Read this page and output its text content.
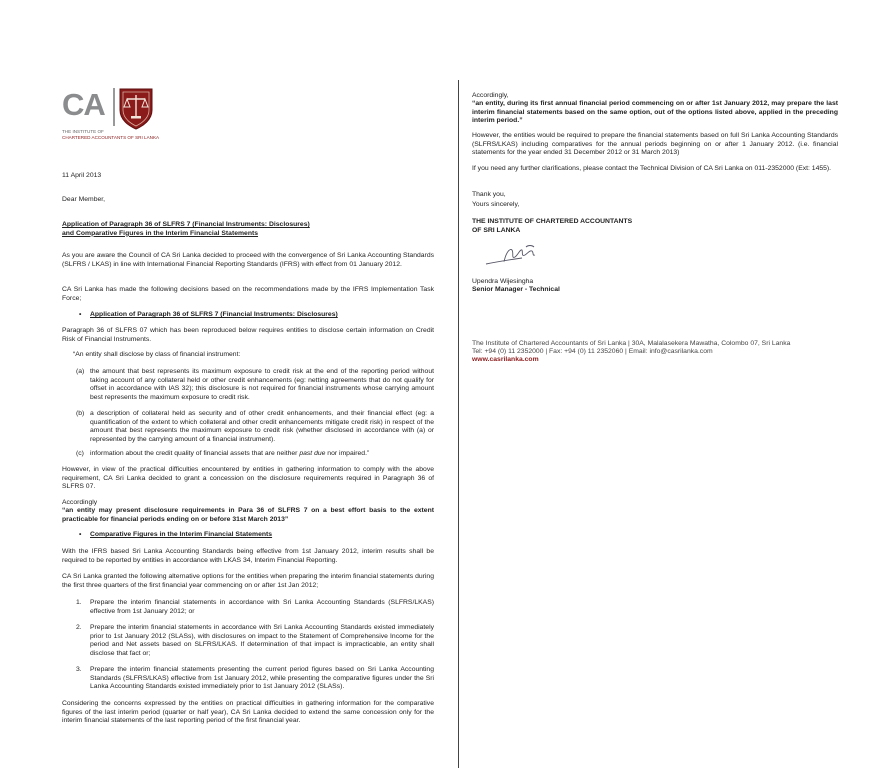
CA
THE INSTITUTE OF
CHARTERED ACCOUNTANTS OF SRI LANKA

11 April 2013

Dear Member,

Application of Paragraph 36 of SLFRS 7 (Financial Instruments: Disclosures)
and Comparative Figures in the Interim Financial Statements

As you are aware the Council of CA Sri Lanka decided to proceed with the convergence of Sri Lanka Accounting Standards (SLFRS / LKAS) in line with International Financial Reporting Standards (IFRS) with effect from 01 January 2012.

CA Sri Lanka has made the following decisions based on the recommendations made by the IFRS Implementation Task Force;

• Application of Paragraph 36 of SLFRS 7 (Financial Instruments: Disclosures)

Paragraph 36 of SLFRS 07 which has been reproduced below requires entities to disclose certain information on Credit Risk of Financial Instruments.

“An entity shall disclose by class of financial instrument:

(a) the amount that best represents its maximum exposure to credit risk at the end of the reporting period without taking account of any collateral held or other credit enhancements (eg: netting agreements that do not qualify for offset in accordance with IAS 32); this disclosure is not required for financial instruments whose carrying amount best represents the maximum exposure to credit risk.

(b) a description of collateral held as security and of other credit enhancements, and their financial effect (eg: a quantification of the extent to which collateral and other credit enhancements mitigate credit risk) in respect of the amount that best represents the maximum exposure to credit risk (whether disclosed in accordance with (a) or represented by the carrying amount of a financial instrument).

(c) information about the credit quality of financial assets that are neither past due nor impaired.”

However, in view of the practical difficulties encountered by entities in gathering information to comply with the above requirement, CA Sri Lanka decided to grant a concession on the disclosure requirements required in Paragraph 36 of SLFRS 07.

Accordingly

“an entity may present disclosure requirements in Para 36 of SLFRS 7 on a best effort basis to the extent practicable for financial periods ending on or before 31st March 2013”

• Comparative Figures in the Interim Financial Statements

With the IFRS based Sri Lanka Accounting Standards being effective from 1st January 2012, interim results shall be required to be reported by entities in accordance with LKAS 34, Interim Financial Reporting.

CA Sri Lanka granted the following alternative options for the entities when preparing the interim financial statements during the first three quarters of the first financial year commencing on or after 1st Jan 2012;

1. Prepare the interim financial statements in accordance with Sri Lanka Accounting Standards (SLFRS/LKAS) effective from 1st January 2012; or

2. Prepare the interim financial statements in accordance with Sri Lanka Accounting Standards existed immediately prior to 1st January 2012 (SLASs), with disclosures on impact to the Statement of Comprehensive Income for the period and Net assets based on SLFRS/LKAS. If determination of that impact is impracticable, an entity shall disclose that fact or;

3. Prepare the interim financial statements presenting the current period figures based on Sri Lanka Accounting Standards (SLFRS/LKAS) effective from 1st January 2012, while presenting the comparative figures under the Sri Lanka Accounting Standards existed immediately prior to 1st January 2012 (SLASs).

Considering the concerns expressed by the entities on practical difficulties in gathering information for the comparative figures of the last interim period (quarter or half year), CA Sri Lanka decided to extend the same concession only for the interim financial statements of the last reporting period of the first financial year.

Accordingly,

“an entity, during its first annual financial period commencing on or after 1st January 2012, may prepare the last interim financial statements based on the same option, out of the options listed above, applied in the preceding interim period.”

However, the entities would be required to prepare the financial statements based on full Sri Lanka Accounting Standards (SLFRS/LKAS) including comparatives for the annual periods beginning on or after 1 January 2012. (i.e. financial statements for the year ended 31 December 2012 or 31 March 2013)

If you need any further clarifications, please contact the Technical Division of CA Sri Lanka on 011-2352000 (Ext: 1455).

Thank you,

Yours sincerely,

THE INSTITUTE OF CHARTERED ACCOUNTANTS
OF SRI LANKA

Upendra Wijesingha

Senior Manager - Technical

The Institute of Chartered Accountants of Sri Lanka | 30A, Malalasekera Mawatha, Colombo 07, Sri Lanka

Tel: +94 (0) 11 2352000 | Fax: +94 (0) 11 2352060 | Email: info@casrilanka.com

www.casrilanka.com
